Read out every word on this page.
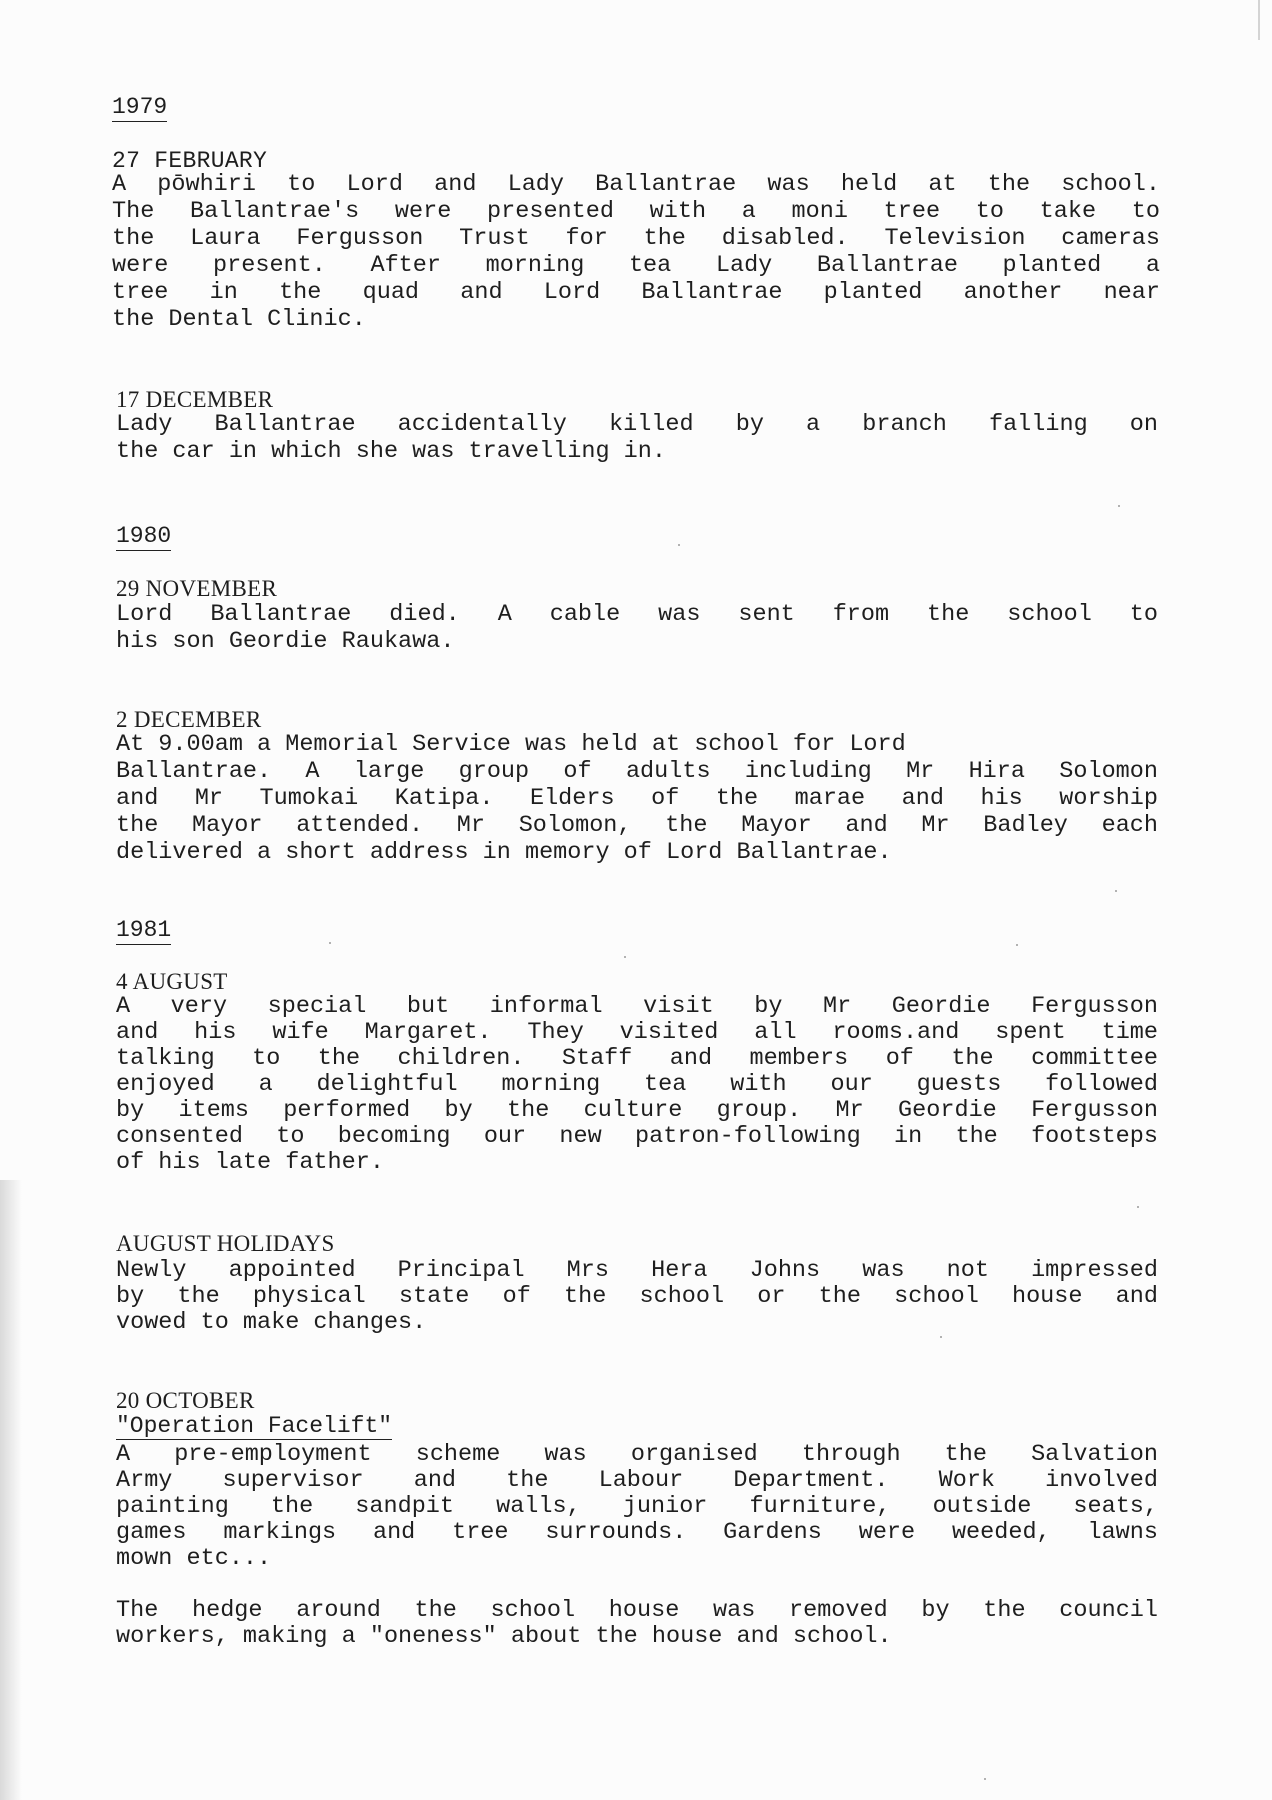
1979
27 FEBRUARY
A pōwhiri to Lord and Lady Ballantrae was held at the school.
The Ballantrae's were presented with a moni tree to take to
the Laura Fergusson Trust for the disabled. Television cameras
were present. After morning tea Lady Ballantrae planted a
tree in the quad and Lord Ballantrae planted another near
the Dental Clinic.
17 DECEMBER
Lady Ballantrae accidentally killed by a branch falling on
the car in which she was travelling in.
1980
29 NOVEMBER
Lord Ballantrae died. A cable was sent from the school to
his son Geordie Raukawa.
2 DECEMBER
At 9.00am a Memorial Service was held at school for Lord
Ballantrae. A large group of adults including Mr Hira Solomon
and Mr Tumokai Katipa. Elders of the marae and his worship
the Mayor attended. Mr Solomon, the Mayor and Mr Badley each
delivered a short address in memory of Lord Ballantrae.
1981
4 AUGUST
A very special but informal visit by Mr Geordie Fergusson
and his wife Margaret. They visited all rooms.and spent time
talking to the children. Staff and members of the committee
enjoyed a delightful morning tea with our guests followed
by items performed by the culture group. Mr Geordie Fergusson
consented to becoming our new patron-following in the footsteps
of his late father.
AUGUST HOLIDAYS
Newly appointed Principal Mrs Hera Johns was not impressed
by the physical state of the school or the school house and
vowed to make changes.
20 OCTOBER
"Operation Facelift"
A pre-employment scheme was organised through the Salvation
Army supervisor and the Labour Department. Work involved
painting the sandpit walls, junior furniture, outside seats,
games markings and tree surrounds. Gardens were weeded, lawns
mown etc...
The hedge around the school house was removed by the council
workers, making a "oneness" about the house and school.
